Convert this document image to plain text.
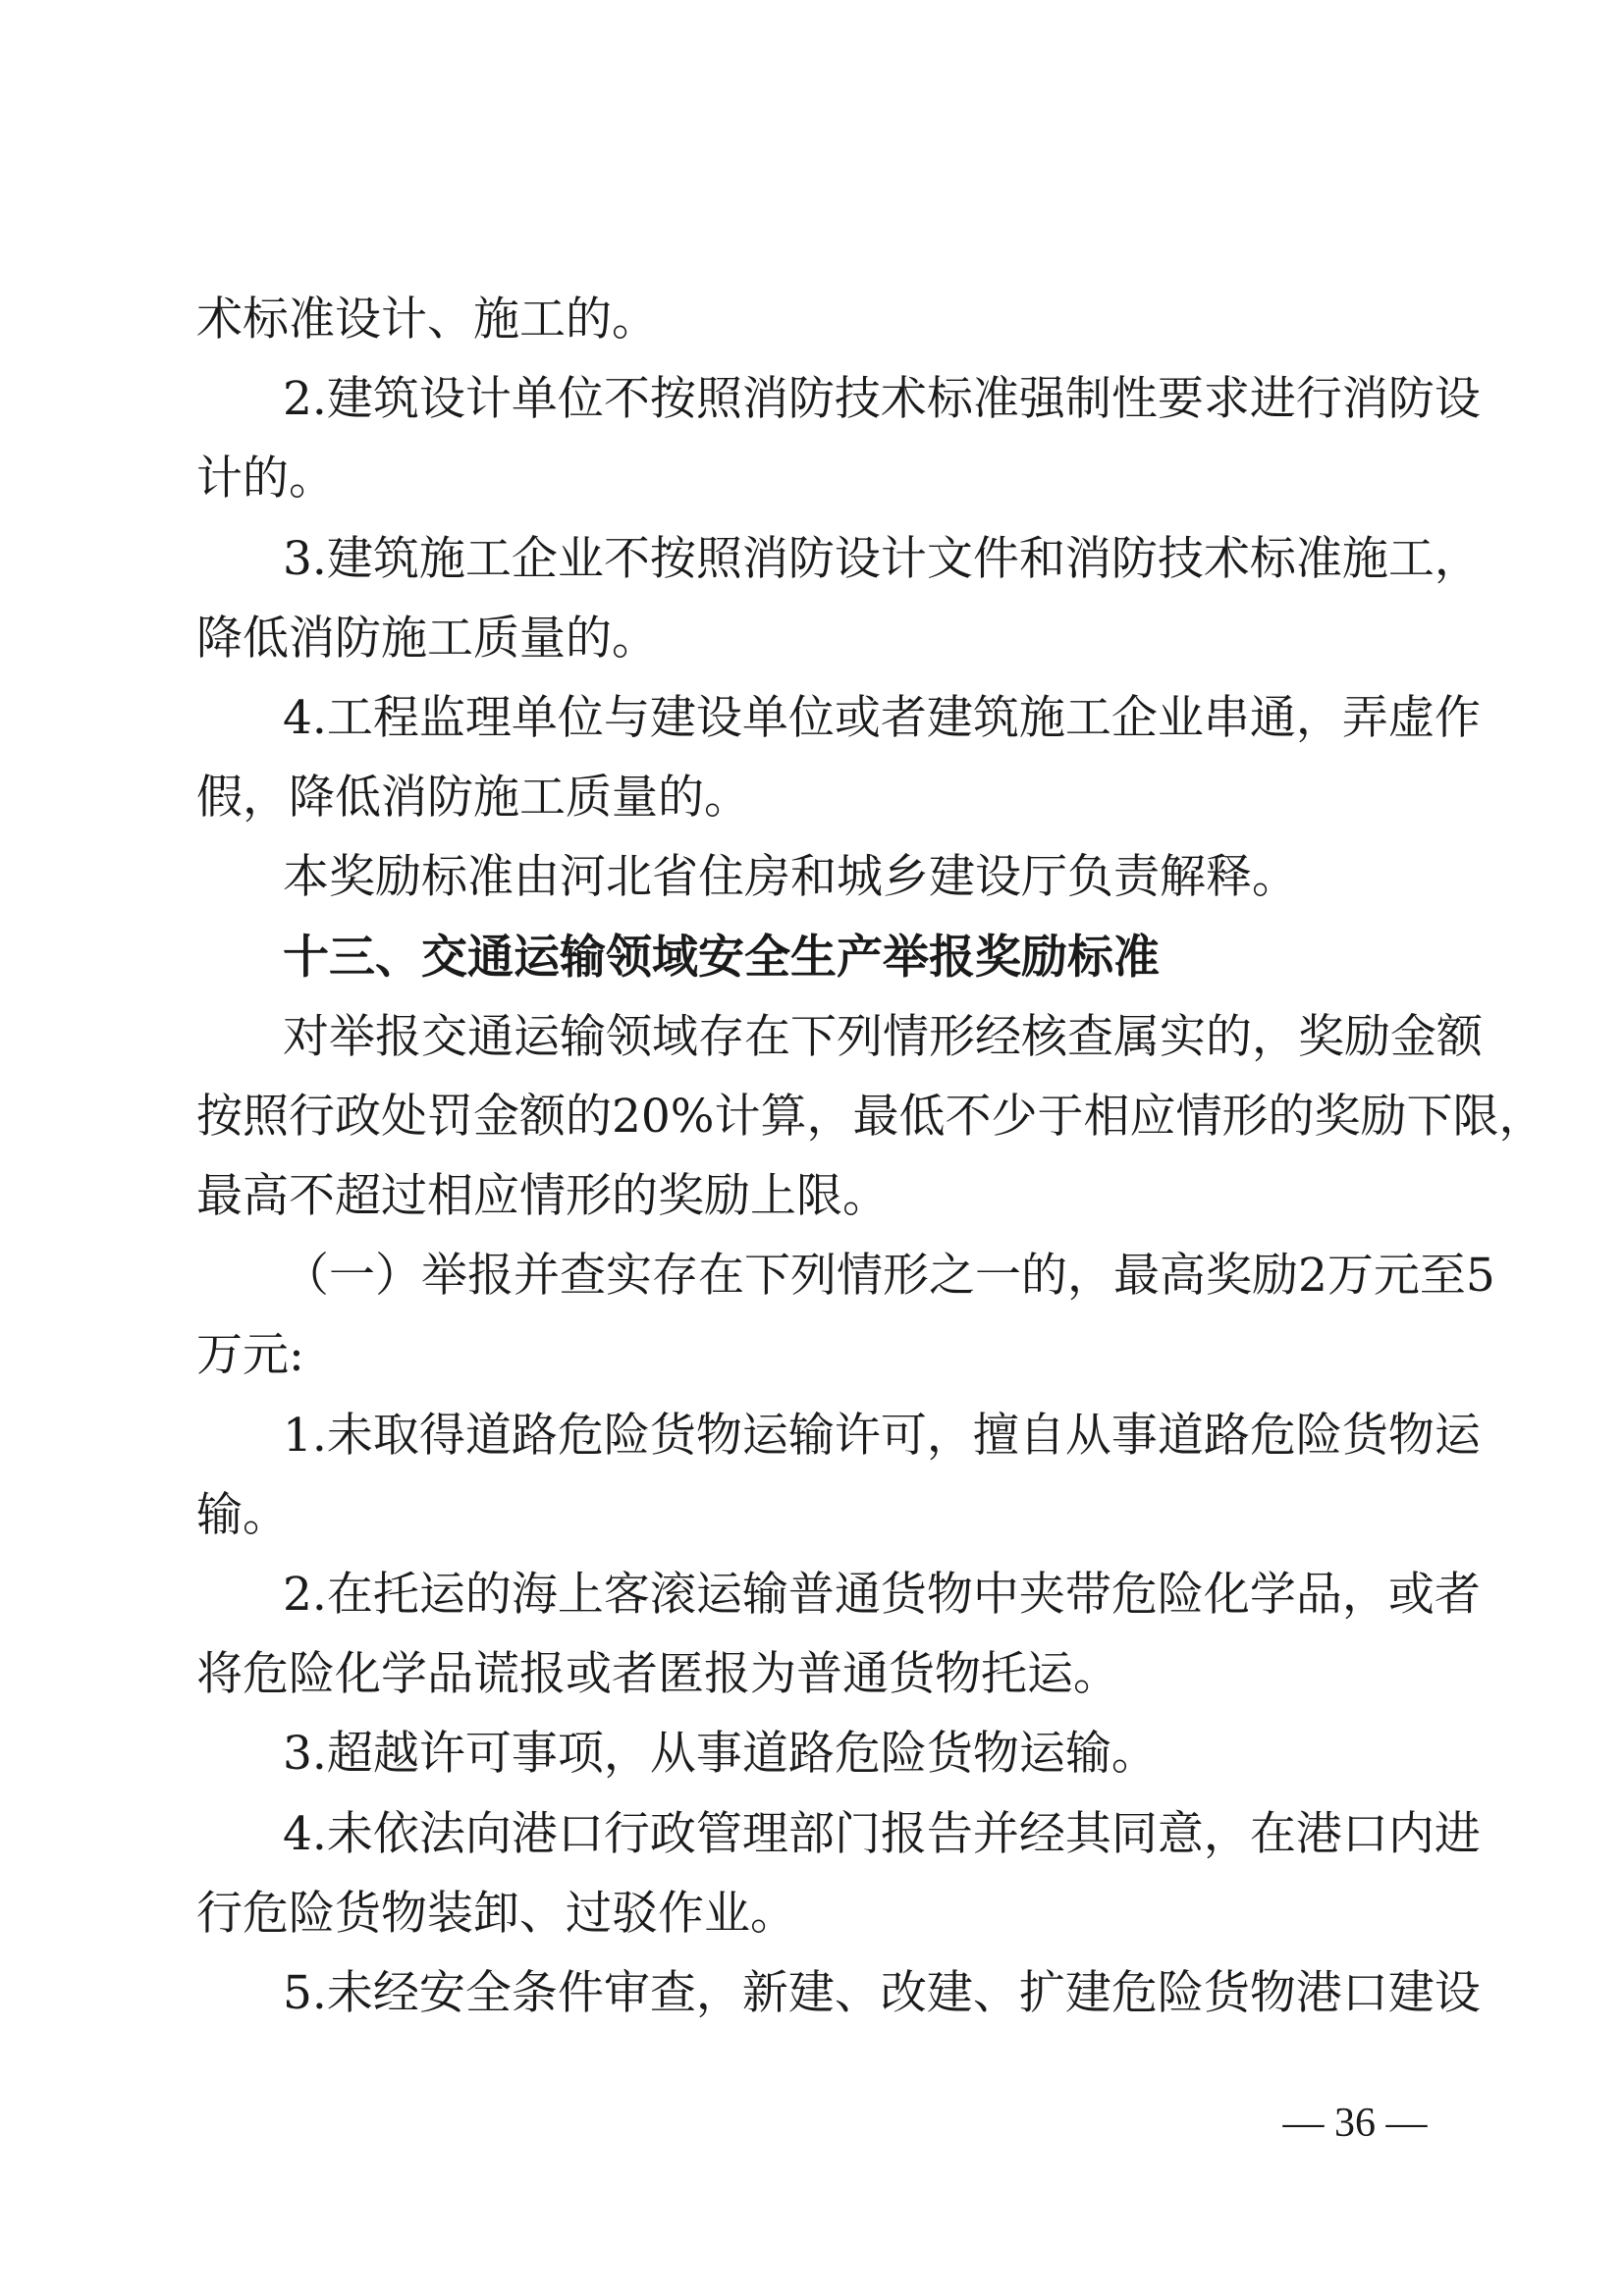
术标准设计、施工的。
2.建筑设计单位不按照消防技术标准强制性要求进行消防设
计的。
3.建筑施工企业不按照消防设计文件和消防技术标准施工，
降低消防施工质量的。
4.工程监理单位与建设单位或者建筑施工企业串通，弄虚作
假，降低消防施工质量的。
本奖励标准由河北省住房和城乡建设厅负责解释。
十三、交通运输领域安全生产举报奖励标准
对举报交通运输领域存在下列情形经核查属实的，奖励金额
按照行政处罚金额的20%计算，最低不少于相应情形的奖励下限，
最高不超过相应情形的奖励上限。
（一）举报并查实存在下列情形之一的，最高奖励2万元至5
万元:
1.未取得道路危险货物运输许可，擅自从事道路危险货物运
输。
2.在托运的海上客滚运输普通货物中夹带危险化学品，或者
将危险化学品谎报或者匿报为普通货物托运。
3.超越许可事项，从事道路危险货物运输。
4.未依法向港口行政管理部门报告并经其同意，在港口内进
行危险货物装卸、过驳作业。
5.未经安全条件审查，新建、改建、扩建危险货物港口建设
— 36 —
